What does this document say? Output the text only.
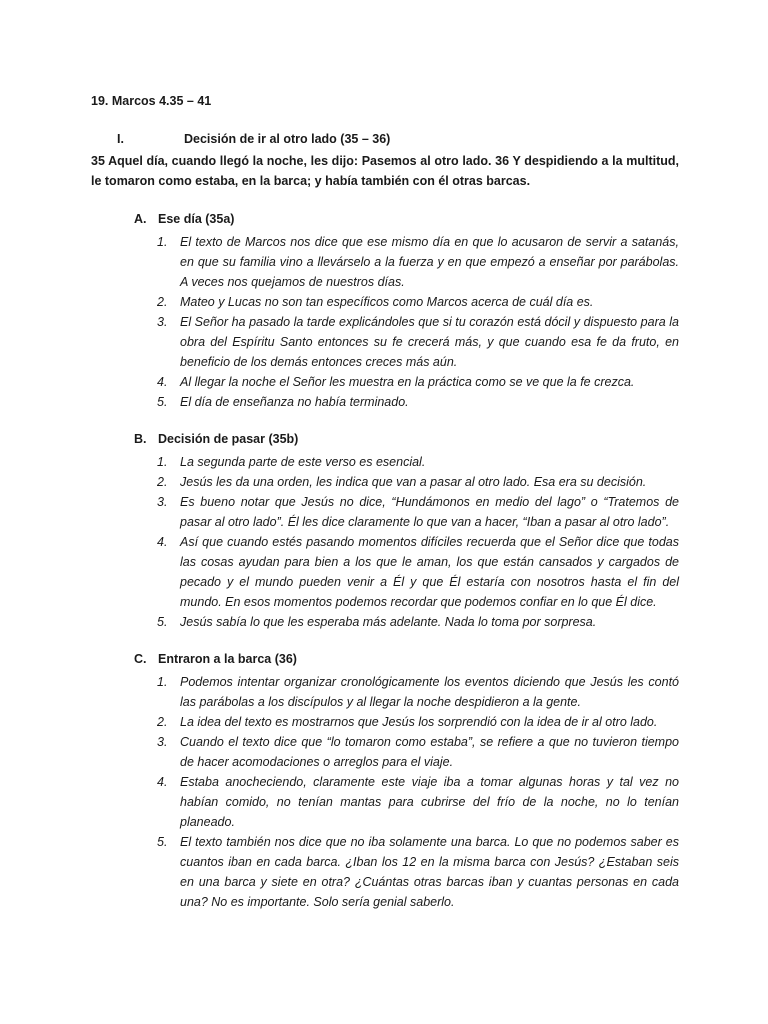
19. Marcos 4.35 – 41
I.	Decisión de ir al otro lado (35 – 36)
35 Aquel día, cuando llegó la noche, les dijo: Pasemos al otro lado. 36 Y despidiendo a la multitud, le tomaron como estaba, en la barca; y había también con él otras barcas.
A. Ese día (35a)
1. El texto de Marcos nos dice que ese mismo día en que lo acusaron de servir a satanás, en que su familia vino a llevárselo a la fuerza y en que empezó a enseñar por parábolas. A veces nos quejamos de nuestros días.
2. Mateo y Lucas no son tan específicos como Marcos acerca de cuál día es.
3. El Señor ha pasado la tarde explicándoles que si tu corazón está dócil y dispuesto para la obra del Espíritu Santo entonces su fe crecerá más, y que cuando esa fe da fruto, en beneficio de los demás entonces creces más aún.
4. Al llegar la noche el Señor les muestra en la práctica como se ve que la fe crezca.
5. El día de enseñanza no había terminado.
B. Decisión de pasar (35b)
1. La segunda parte de este verso es esencial.
2. Jesús les da una orden, les indica que van a pasar al otro lado. Esa era su decisión.
3. Es bueno notar que Jesús no dice, “Hundámonos en medio del lago” o “Tratemos de pasar al otro lado”. Él les dice claramente lo que van a hacer, “Iban a pasar al otro lado”.
4. Así que cuando estés pasando momentos difíciles recuerda que el Señor dice que todas las cosas ayudan para bien a los que le aman, los que están cansados y cargados de pecado y el mundo pueden venir a Él y que Él estaría con nosotros hasta el fin del mundo. En esos momentos podemos recordar que podemos confiar en lo que Él dice.
5. Jesús sabía lo que les esperaba más adelante. Nada lo toma por sorpresa.
C. Entraron a la barca (36)
1. Podemos intentar organizar cronológicamente los eventos diciendo que Jesús les contó las parábolas a los discípulos y al llegar la noche despidieron a la gente.
2. La idea del texto es mostrarnos que Jesús los sorprendió con la idea de ir al otro lado.
3. Cuando el texto dice que “lo tomaron como estaba”, se refiere a que no tuvieron tiempo de hacer acomodaciones o arreglos para el viaje.
4. Estaba anocheciendo, claramente este viaje iba a tomar algunas horas y tal vez no habían comido, no tenían mantas para cubrirse del frío de la noche, no lo tenían planeado.
5. El texto también nos dice que no iba solamente una barca. Lo que no podemos saber es cuantos iban en cada barca. ¿Iban los 12 en la misma barca con Jesús? ¿Estaban seis en una barca y siete en otra? ¿Cuántas otras barcas iban y cuantas personas en cada una? No es importante. Solo sería genial saberlo.
